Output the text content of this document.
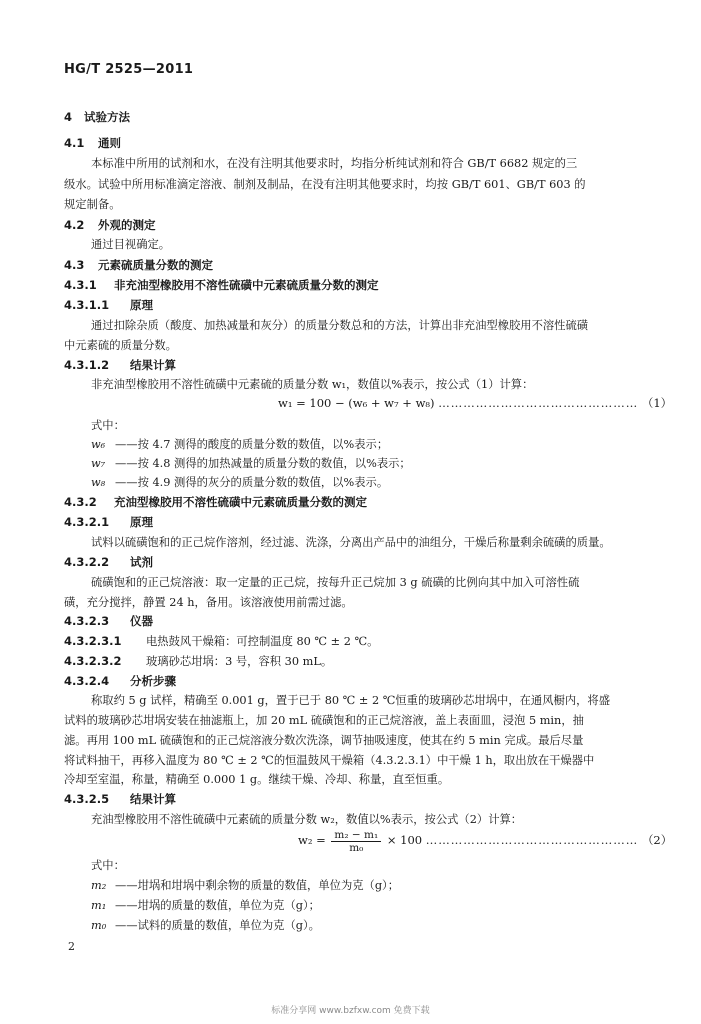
HG/T 2525—2011
4 试验方法
4.1 通则
本标准中所用的试剂和水，在没有注明其他要求时，均指分析纯试剂和符合 GB/T 6682 规定的三
级水。试验中所用标准滴定溶液、制剂及制品，在没有注明其他要求时，均按 GB/T 601、GB/T 603 的
规定制备。
4.2 外观的测定
通过目视确定。
4.3 元素硫质量分数的测定
4.3.1 非充油型橡胶用不溶性硫磺中元素硫质量分数的测定
4.3.1.1 原理
通过扣除杂质（酸度、加热减量和灰分）的质量分数总和的方法，计算出非充油型橡胶用不溶性硫磺
中元素硫的质量分数。
4.3.1.2 结果计算
非充油型橡胶用不溶性硫磺中元素硫的质量分数 w₁，数值以%表示，按公式（1）计算：
w₁ = 100 − (w₆ + w₇ + w₈) ………………………………………… （1）
式中：
w₆ ——按 4.7 测得的酸度的质量分数的数值，以%表示；
w₇ ——按 4.8 测得的加热减量的质量分数的数值，以%表示；
w₈ ——按 4.9 测得的灰分的质量分数的数值，以%表示。
4.3.2 充油型橡胶用不溶性硫磺中元素硫质量分数的测定
4.3.2.1 原理
试料以硫磺饱和的正己烷作溶剂，经过滤、洗涤，分离出产品中的油组分，干燥后称量剩余硫磺的质量。
4.3.2.2 试剂
硫磺饱和的正己烷溶液：取一定量的正己烷，按每升正己烷加 3 g 硫磺的比例向其中加入可溶性硫
磺，充分搅拌，静置 24 h，备用。该溶液使用前需过滤。
4.3.2.3 仪器
4.3.2.3.1 电热鼓风干燥箱：可控制温度 80 ℃ ± 2 ℃。
4.3.2.3.2 玻璃砂芯坩埚：3 号，容积 30 mL。
4.3.2.4 分析步骤
称取约 5 g 试样，精确至 0.001 g，置于已于 80 ℃ ± 2 ℃恒重的玻璃砂芯坩埚中，在通风橱内，将盛
试料的玻璃砂芯坩埚安装在抽滤瓶上，加 20 mL 硫磺饱和的正己烷溶液，盖上表面皿，浸泡 5 min，抽
滤。再用 100 mL 硫磺饱和的正己烷溶液分数次洗涤，调节抽吸速度，使其在约 5 min 完成。最后尽量
将试料抽干，再移入温度为 80 ℃ ± 2 ℃的恒温鼓风干燥箱（4.3.2.3.1）中干燥 1 h，取出放在干燥器中
冷却至室温，称量，精确至 0.000 1 g。继续干燥、冷却、称量，直至恒重。
4.3.2.5 结果计算
充油型橡胶用不溶性硫磺中元素硫的质量分数 w₂，数值以%表示，按公式（2）计算：
$w_2 = \frac{\text{m₂ − m₁}}{\text{m₀}} \times 100$ …………………………………………… （2）
式中：
m₂ ——坩埚和坩埚中剩余物的质量的数值，单位为克（g）；
m₁ ——坩埚的质量的数值，单位为克（g）；
m₀ ——试料的质量的数值，单位为克（g）。
2
标准分享网 www.bzfxw.com 免费下载
